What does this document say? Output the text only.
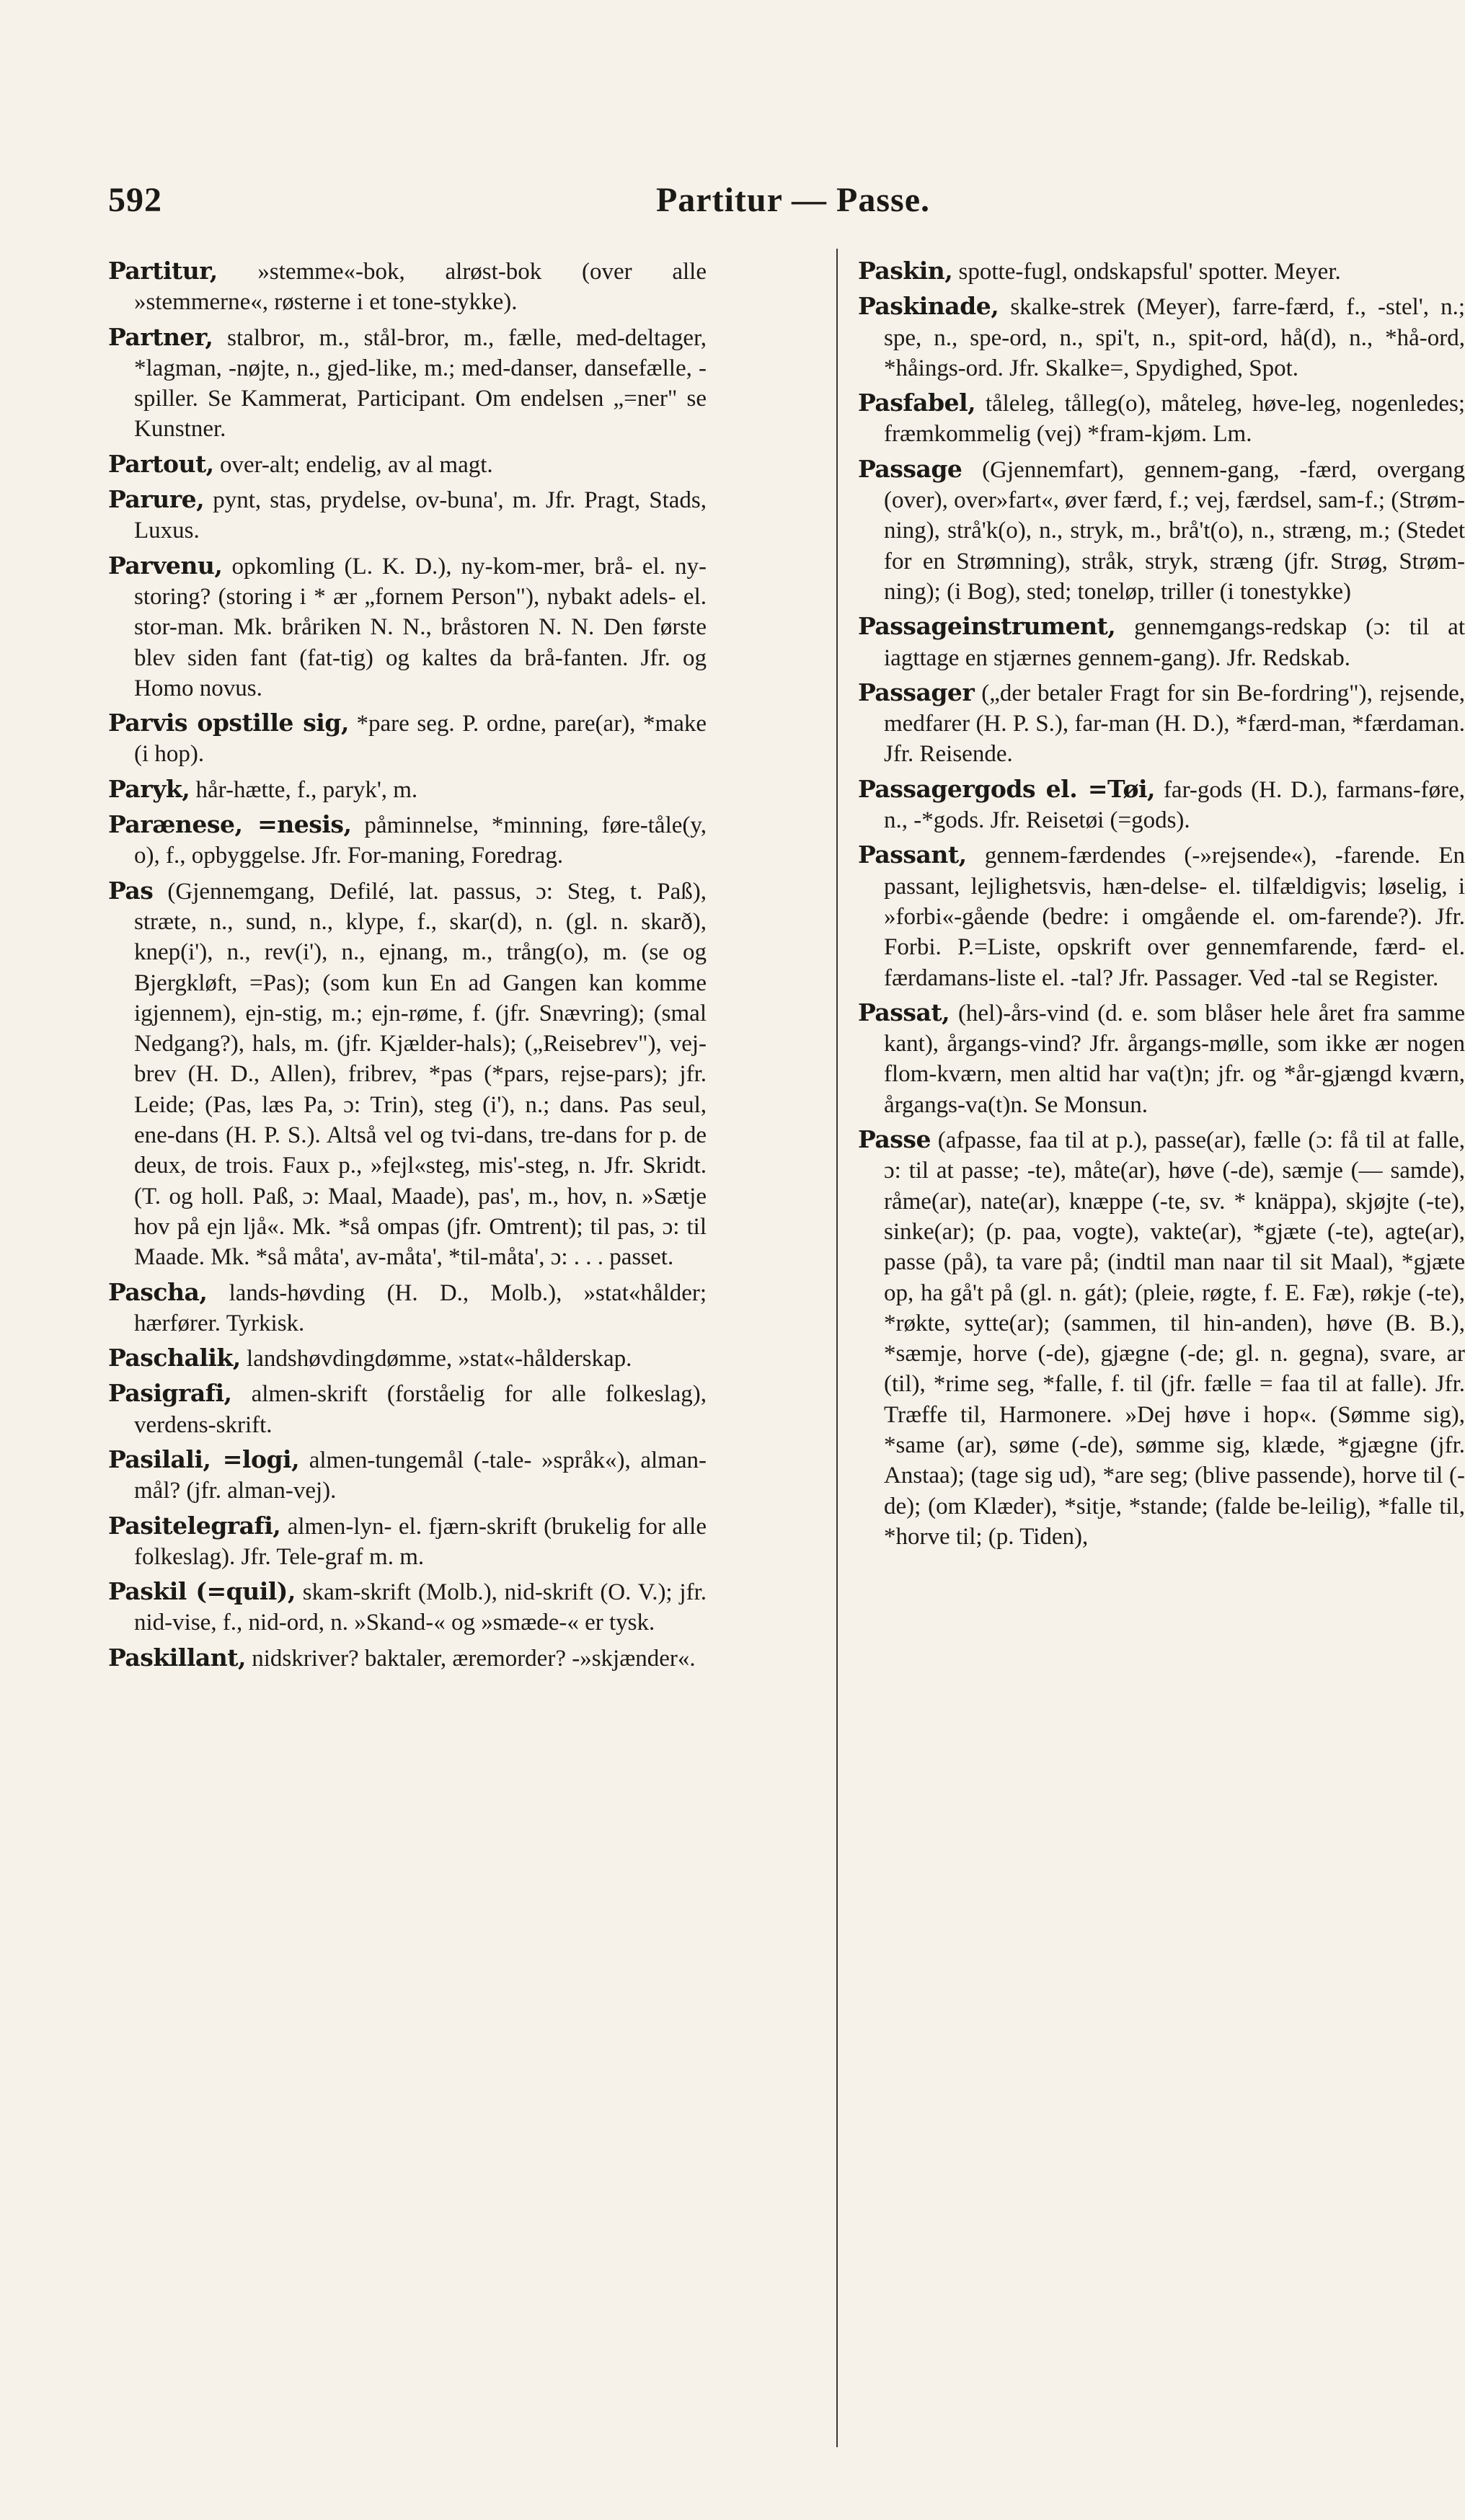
592	Partitur — Passe.

Partitur, »stemme«-bok, alrøst-bok (over alle »stemmerne«, røsterne i et tone-stykke).

Partner, stalbror, m., stål-bror, m., fælle, med-deltager, *lagman, -nøjte, n., gjed-like, m.; med-danser, dansefælle, -spiller. Se Kammerat, Participant. Om endelsen „=ner" se Kunstner.

Partout, over-alt; endelig, av al magt.

Parure, pynt, stas, prydelse, ov-buna', m. Jfr. Pragt, Stads, Luxus.

Parvenu, opkomling (L. K. D.), ny-kom-mer, brå- el. ny-storing? (storing i * ær „fornem Person"), nybakt adels- el. stor-man. Mk. bråriken N. N., bråstoren N. N. Den første blev siden fant (fat-tig) og kaltes da brå-fanten. Jfr. og Homo novus.

Parvis opstille sig, *pare seg. P. ordne, pare(ar), *make (i hop).

Paryk, hår-hætte, f., paryk', m.

Parænese, =nesis, påminnelse, *minning, føre-tåle(y, o), f., opbyggelse. Jfr. For-maning, Foredrag.

Pas (Gjennemgang, Defilé, lat. passus, ɔ: Steg, t. Paß), stræte, n., sund, n., klype, f., skar(d), n. (gl. n. skarð), knep(i'), n., rev(i'), n., ejnang, m., trång(o), m. (se og Bjergkløft, =Pas); (som kun En ad Gangen kan komme igjennem), ejn-stig, m.; ejn-røme, f. (jfr. Snævring); (smal Nedgang?), hals, m. (jfr. Kjælder-hals); („Reisebrev"), vej-brev (H. D., Allen), fribrev, *pas (*pars, rejse-pars); jfr. Leide; (Pas, læs Pa, ɔ: Trin), steg (i'), n.; dans. Pas seul, ene-dans (H. P. S.). Altså vel og tvi-dans, tre-dans for p. de deux, de trois. Faux p., »fejl«steg, mis'-steg, n. Jfr. Skridt. (T. og holl. Paß, ɔ: Maal, Maade), pas', m., hov, n. »Sætje hov på ejn ljå«. Mk. *så ompas (jfr. Omtrent); til pas, ɔ: til Maade. Mk. *så måta', av-måta', *til-måta', ɔ: . . . passet.

Pascha, lands-høvding (H. D., Molb.), »stat«hålder; hærfører. Tyrkisk.

Paschalik, landshøvdingdømme, »stat«-hålderskap.

Pasigrafi, almen-skrift (forståelig for alle folkeslag), verdens-skrift.

Pasilali, =logi, almen-tungemål (-tale- »språk«), alman-mål? (jfr. alman-vej).

Pasitelegrafi, almen-lyn- el. fjærn-skrift (brukelig for alle folkeslag). Jfr. Tele-graf m. m.

Paskil (=quil), skam-skrift (Molb.), nid-skrift (O. V.); jfr. nid-vise, f., nid-ord, n. »Skand-« og »smæde-« er tysk.

Paskillant, nidskriver? baktaler, æremorder? -»skjænder«.

Paskin, spotte-fugl, ondskapsful' spotter. Meyer.

Paskinade, skalke-strek (Meyer), farre-færd, f., -stel', n.; spe, n., spe-ord, n., spi't, n., spit-ord, hå(d), n., *hå-ord, *håings-ord. Jfr. Skalke=, Spydighed, Spot.

Pasfabel, tåleleg, tålleg(o), måteleg, høve-leg, nogenledes; fræmkommelig (vej) *fram-kjøm. Lm.

Passage (Gjennemfart), gennem-gang, -færd, overgang (over), over»fart«, øver færd, f.; vej, færdsel, sam-f.; (Strøm-ning), strå'k(o), n., stryk, m., brå't(o), n., stræng, m.; (Stedet for en Strømning), stråk, stryk, stræng (jfr. Strøg, Strøm-ning); (i Bog), sted; toneløp, triller (i tonestykke)

Passageinstrument, gennemgangs-redskap (ɔ: til at iagttage en stjærnes gennem-gang). Jfr. Redskab.

Passager („der betaler Fragt for sin Be-fordring"), rejsende, medfarer (H. P. S.), far-man (H. D.), *færd-man, *færdaman. Jfr. Reisende.

Passagergods el. =Tøi, far-gods (H. D.), farmans-føre, n., -*gods. Jfr. Reisetøi (=gods).

Passant, gennem-færdendes (-»rejsende«), -farende. En passant, lejlighetsvis, hæn-delse- el. tilfældigvis; løselig, i »forbi«-gående (bedre: i omgående el. om-farende?). Jfr. Forbi. P.=Liste, opskrift over gennemfarende, færd- el. færdamans-liste el. -tal? Jfr. Passager. Ved -tal se Register.

Passat, (hel)-års-vind (d. e. som blåser hele året fra samme kant), årgangs-vind? Jfr. årgangs-mølle, som ikke ær nogen flom-kværn, men altid har va(t)n; jfr. og *år-gjængd kværn, årgangs-va(t)n. Se Monsun.

Passe (afpasse, faa til at p.), passe(ar), fælle (ɔ: få til at falle, ɔ: til at passe; -te), måte(ar), høve (-de), sæmje (— samde), råme(ar), nate(ar), knæppe (-te, sv. * knäppa), skjøjte (-te), sinke(ar); (p. paa, vogte), vakte(ar), *gjæte (-te), agte(ar), passe (på), ta vare på; (indtil man naar til sit Maal), *gjæte op, ha gå't på (gl. n. gát); (pleie, røgte, f. E. Fæ), røkje (-te), *røkte, sytte(ar); (sammen, til hin-anden), høve (B. B.), *sæmje, horve (-de), gjægne (-de; gl. n. gegna), svare, ar (til), *rime seg, *falle, f. til (jfr. fælle = faa til at falle). Jfr. Træffe til, Harmonere. »Dej høve i hop«. (Sømme sig), *same (ar), søme (-de), sømme sig, klæde, *gjægne (jfr. Anstaa); (tage sig ud), *are seg; (blive passende), horve til (-de); (om Klæder), *sitje, *stande; (falde be-leilig), *falle til, *horve til; (p. Tiden),
